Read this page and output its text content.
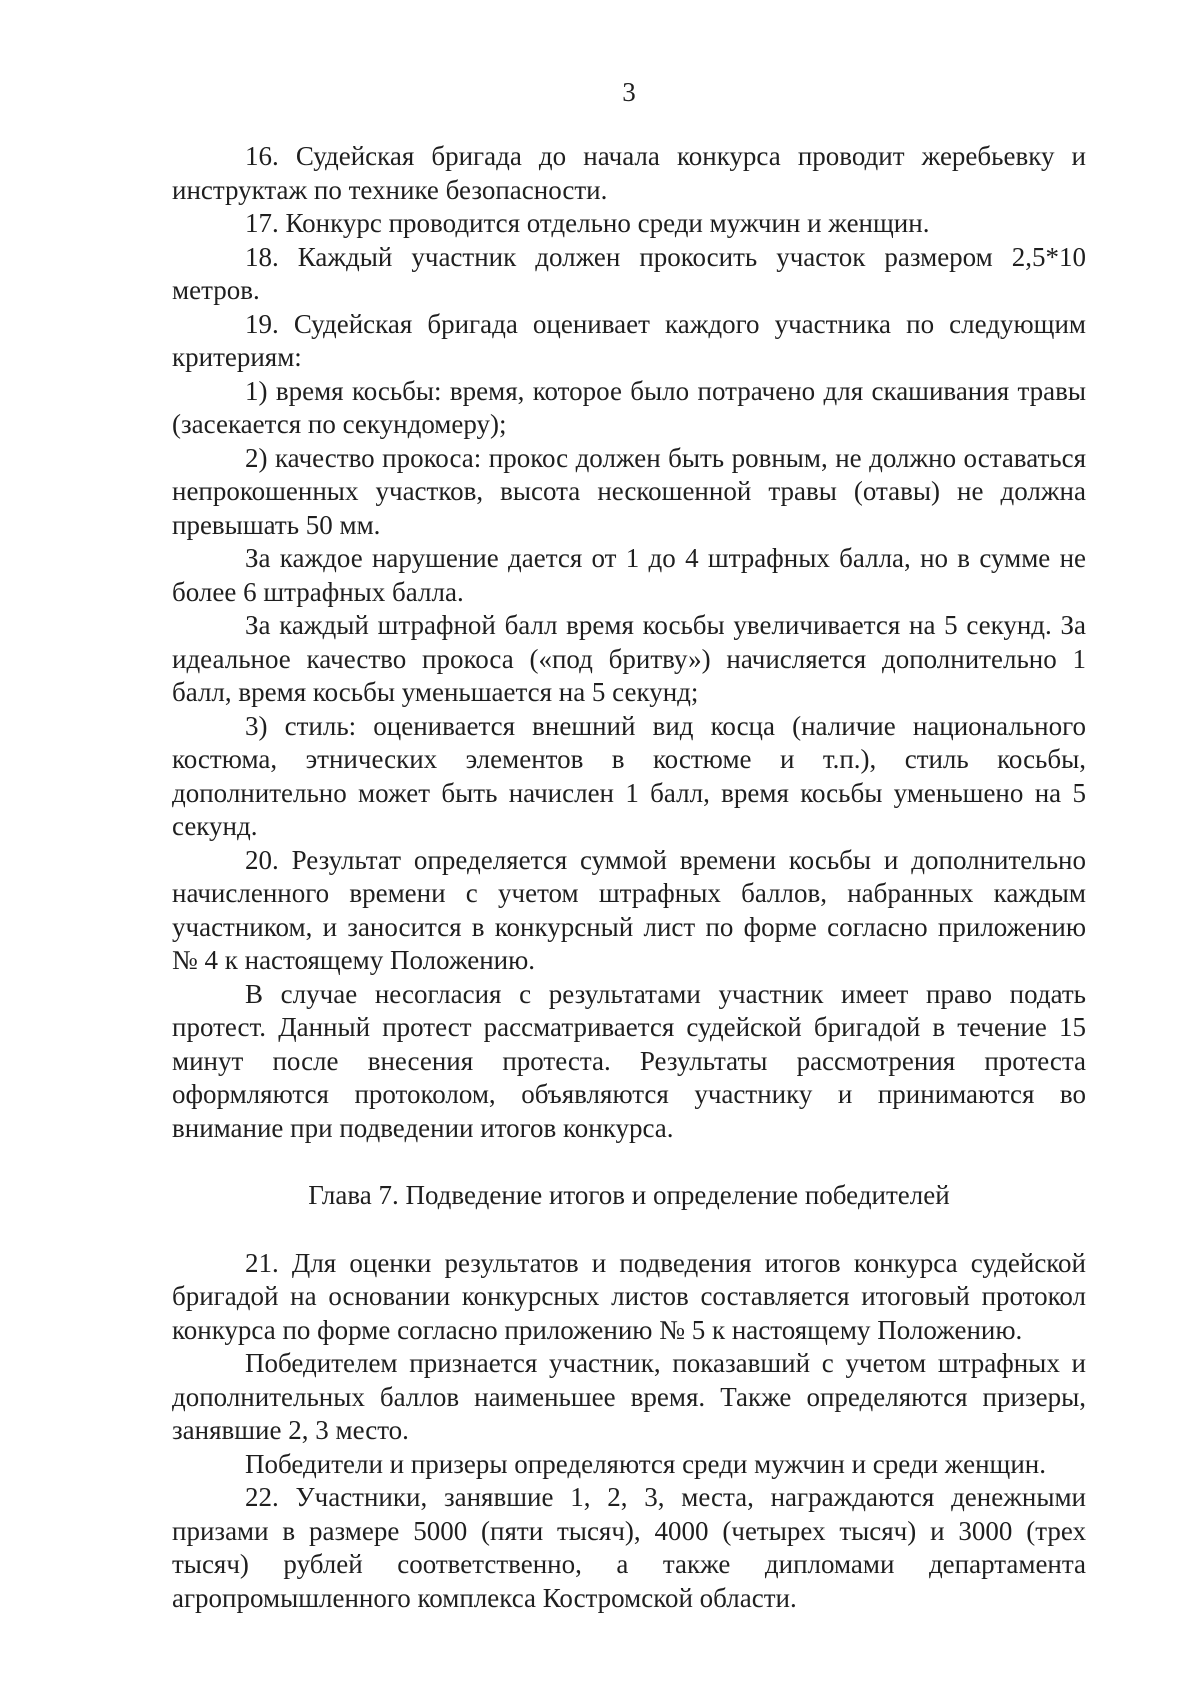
3

16. Судейская бригада до начала конкурса проводит жеребьевку и инструктаж по технике безопасности.

17. Конкурс проводится отдельно среди мужчин и женщин.

18. Каждый участник должен прокосить участок размером 2,5*10 метров.

19. Судейская бригада оценивает каждого участника по следующим критериям:

1) время косьбы: время, которое было потрачено для скашивания травы (засекается по секундомеру);

2) качество прокоса: прокос должен быть ровным, не должно оставаться непрокошенных участков, высота нескошенной травы (отавы) не должна превышать 50 мм.

За каждое нарушение дается от 1 до 4 штрафных балла, но в сумме не более 6 штрафных балла.

За каждый штрафной балл время косьбы увеличивается на 5 секунд. За идеальное качество прокоса («под бритву») начисляется дополнительно 1 балл, время косьбы уменьшается на 5 секунд;

3) стиль: оценивается внешний вид косца (наличие национального костюма, этнических элементов в костюме и т.п.), стиль косьбы, дополнительно может быть начислен 1 балл, время косьбы уменьшено на 5 секунд.

20. Результат определяется суммой времени косьбы и дополнительно начисленного времени с учетом штрафных баллов, набранных каждым участником, и заносится в конкурсный лист по форме согласно приложению № 4 к настоящему Положению.

В случае несогласия с результатами участник имеет право подать протест. Данный протест рассматривается судейской бригадой в течение 15 минут после внесения протеста. Результаты рассмотрения протеста оформляются протоколом, объявляются участнику и принимаются во внимание при подведении итогов конкурса.

Глава 7. Подведение итогов и определение победителей

21. Для оценки результатов и подведения итогов конкурса судейской бригадой на основании конкурсных листов составляется итоговый протокол конкурса по форме согласно приложению № 5 к настоящему Положению.

Победителем признается участник, показавший с учетом штрафных и дополнительных баллов наименьшее время. Также определяются призеры, занявшие 2, 3 место.

Победители и призеры определяются среди мужчин и среди женщин.

22. Участники, занявшие 1, 2, 3, места, награждаются денежными призами в размере 5000 (пяти тысяч), 4000 (четырех тысяч) и 3000 (трех тысяч) рублей соответственно, а также дипломами департамента агропромышленного комплекса Костромской области.
